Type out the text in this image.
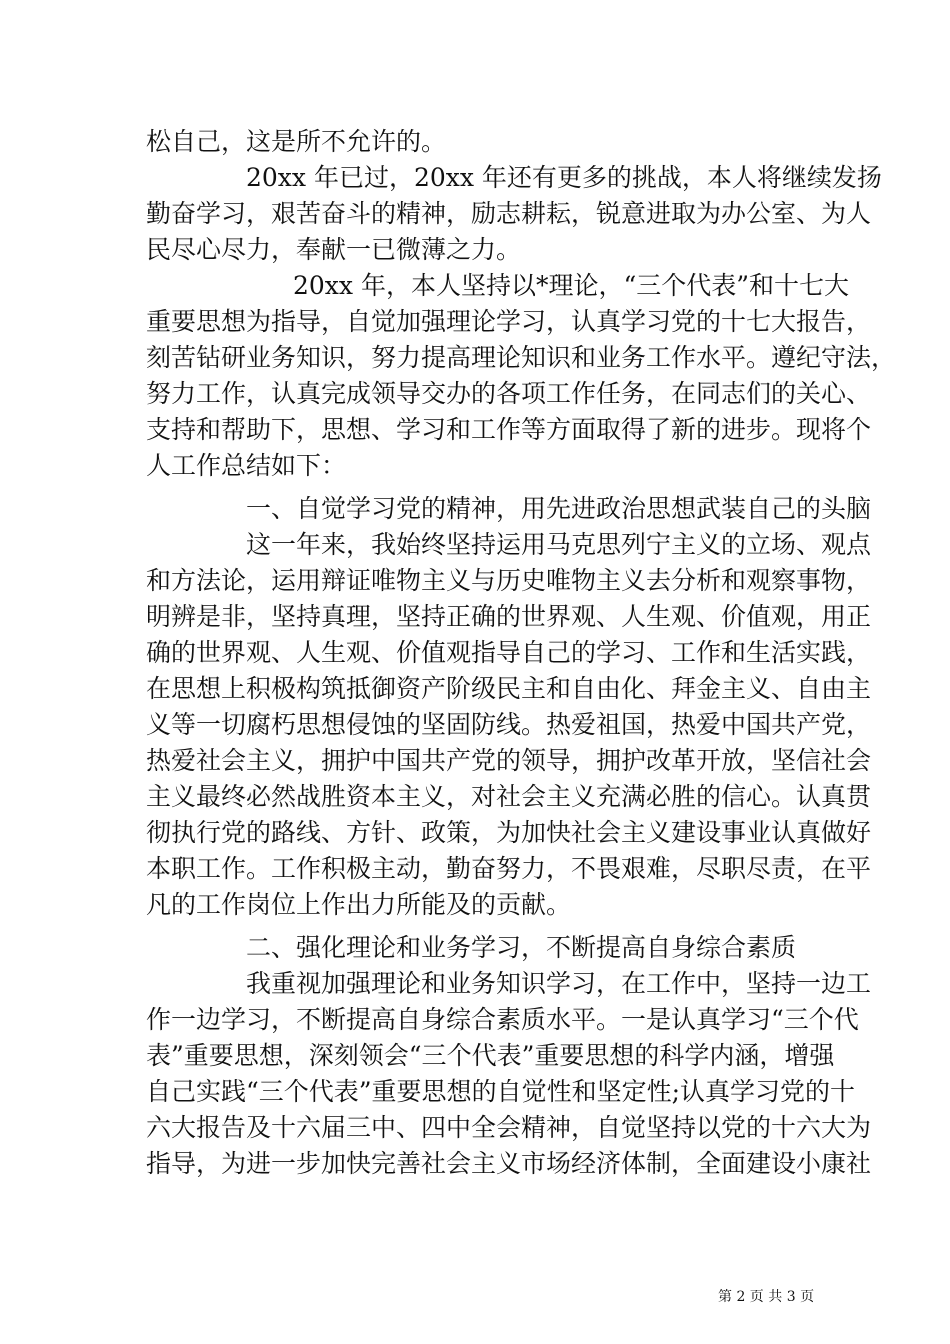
松自己，这是所不允许的。
20xx 年已过，20xx 年还有更多的挑战，本人将继续发扬
勤奋学习，艰苦奋斗的精神，励志耕耘，锐意进取为办公室、为人
民尽心尽力，奉献一已微薄之力。
20xx 年，本人坚持以*理论，“三个代表”和十七大
重要思想为指导，自觉加强理论学习，认真学习党的十七大报告，
刻苦钻研业务知识，努力提高理论知识和业务工作水平。遵纪守法，
努力工作，认真完成领导交办的各项工作任务，在同志们的关心、
支持和帮助下，思想、学习和工作等方面取得了新的进步。现将个
人工作总结如下：
一、自觉学习党的精神，用先进政治思想武装自己的头脑
这一年来，我始终坚持运用马克思列宁主义的立场、观点
和方法论，运用辩证唯物主义与历史唯物主义去分析和观察事物，
明辨是非，坚持真理，坚持正确的世界观、人生观、价值观，用正
确的世界观、人生观、价值观指导自己的学习、工作和生活实践，
在思想上积极构筑抵御资产阶级民主和自由化、拜金主义、自由主
义等一切腐朽思想侵蚀的坚固防线。热爱祖国，热爱中国共产党，
热爱社会主义，拥护中国共产党的领导，拥护改革开放，坚信社会
主义最终必然战胜资本主义，对社会主义充满必胜的信心。认真贯
彻执行党的路线、方针、政策，为加快社会主义建设事业认真做好
本职工作。工作积极主动，勤奋努力，不畏艰难，尽职尽责，在平
凡的工作岗位上作出力所能及的贡献。
二、强化理论和业务学习，不断提高自身综合素质
我重视加强理论和业务知识学习，在工作中，坚持一边工
作一边学习，不断提高自身综合素质水平。一是认真学习“三个代
表”重要思想，深刻领会“三个代表”重要思想的科学内涵，增强
自己实践“三个代表”重要思想的自觉性和坚定性;认真学习党的十
六大报告及十六届三中、四中全会精神，自觉坚持以党的十六大为
指导，为进一步加快完善社会主义市场经济体制，全面建设小康社
第 2 页 共 3 页
